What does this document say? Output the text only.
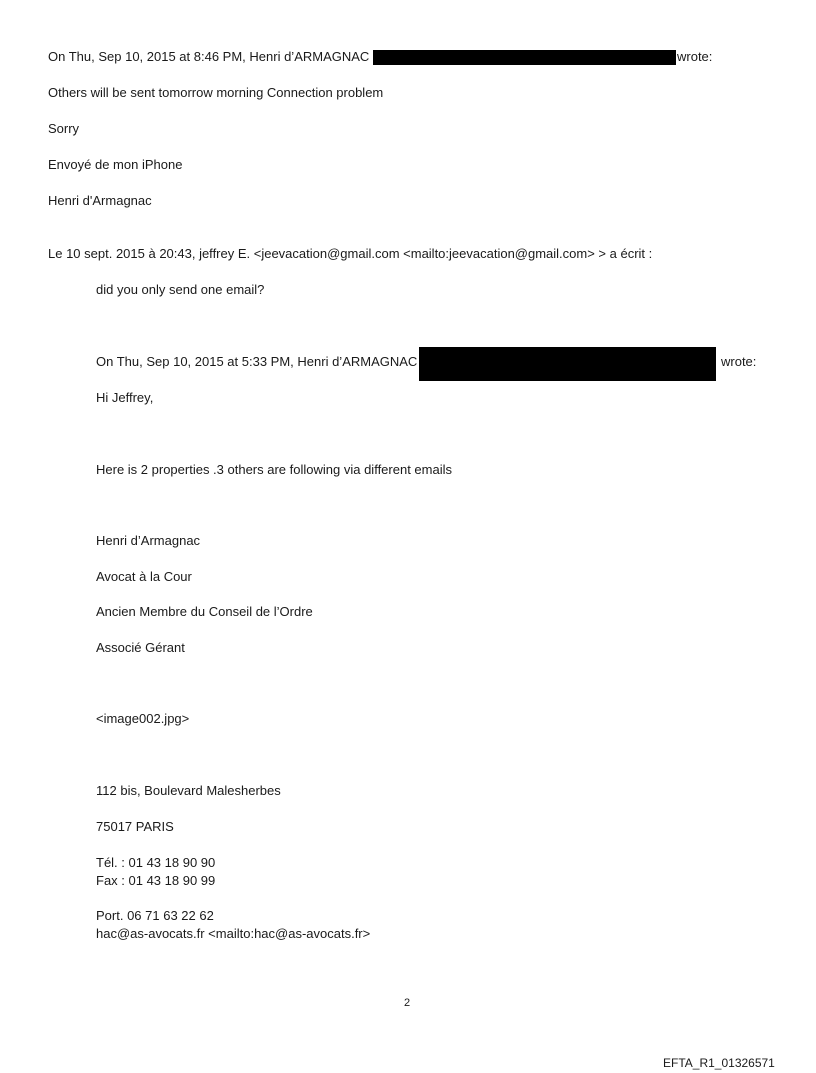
On Thu, Sep 10, 2015 at 8:46 PM, Henri d’ARMAGNAC	wrote:
Others will be sent tomorrow morning Connection problem
Sorry
Envoyé de mon iPhone
Henri d'Armagnac
Le 10 sept. 2015 à 20:43, jeffrey E. <jeevacation@gmail.com <mailto:jeevacation@gmail.com> > a écrit :
did you only send one email?
On Thu, Sep 10, 2015 at 5:33 PM, Henri d’ARMAGNAC	wrote:
Hi Jeffrey,
Here is 2 properties .3 others are following via different emails
Henri d’Armagnac
Avocat à la Cour
Ancien Membre du Conseil de l’Ordre
Associé Gérant
<image002.jpg>
112 bis, Boulevard Malesherbes
75017 PARIS
Tél. : 01 43 18 90 90
Fax : 01 43 18 90 99
Port. 06 71 63 22 62
hac@as-avocats.fr <mailto:hac@as-avocats.fr>
2
EFTA_R1_01326571
